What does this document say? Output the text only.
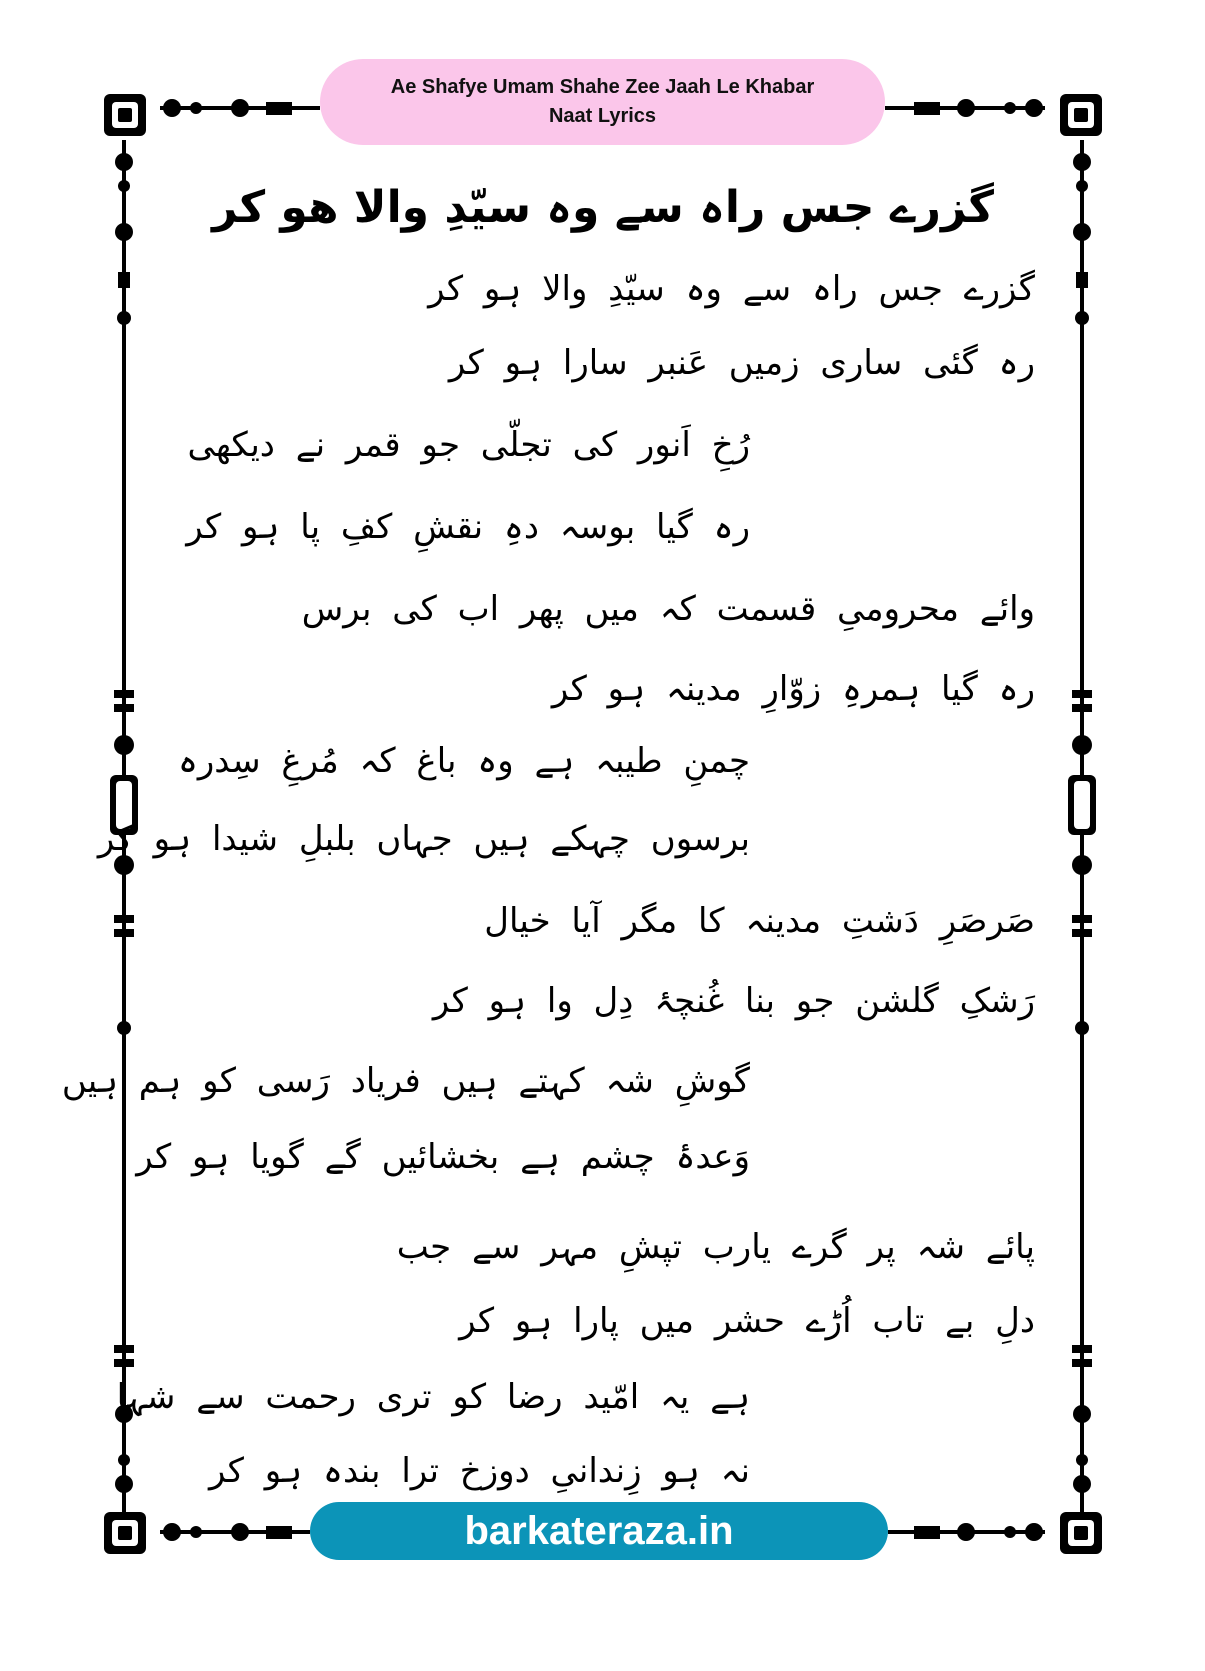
Ae Shafye Umam Shahe Zee Jaah Le Khabar
Naat Lyrics
گزرے جس راہ سے وہ سیّدِ والا ھو کر
گزرے جس راہ سے وہ سیّدِ والا ہو کر
رہ گئی ساری زمیں عَنبر سارا ہو کر
رُخِ اَنور کی تجلّی جو قمر نے دیکھی
رہ گیا بوسہ دہِ نقشِ کفِ پا ہو کر
وائے محرومیِ قسمت کہ میں پھر اب کی برس
رہ گیا ہمرہِ زوّارِ مدینہ ہو کر
چمنِ طیبہ ہے وہ باغ کہ مُرغِ سِدرہ
برسوں چہکے ہیں جہاں بلبلِ شیدا ہو کر
صَرصَرِ دَشتِ مدینہ کا مگر آیا خیال
رَشکِ گلشن جو بنا غُنچۂ دِل وا ہو کر
گوشِ شہ کہتے ہیں فریاد رَسی کو ہم ہیں
وَعدۂ چشم ہے بخشائیں گے گویا ہو کر
پائے شہ پر گرے یارب تپشِ مہر سے جب
دلِ بے تاب اُڑے حشر میں پارا ہو کر
ہے یہ امّید رضا کو تری رحمت سے شہا
نہ ہو زِندانیِ دوزخ ترا بندہ ہو کر
barkateraza.in
